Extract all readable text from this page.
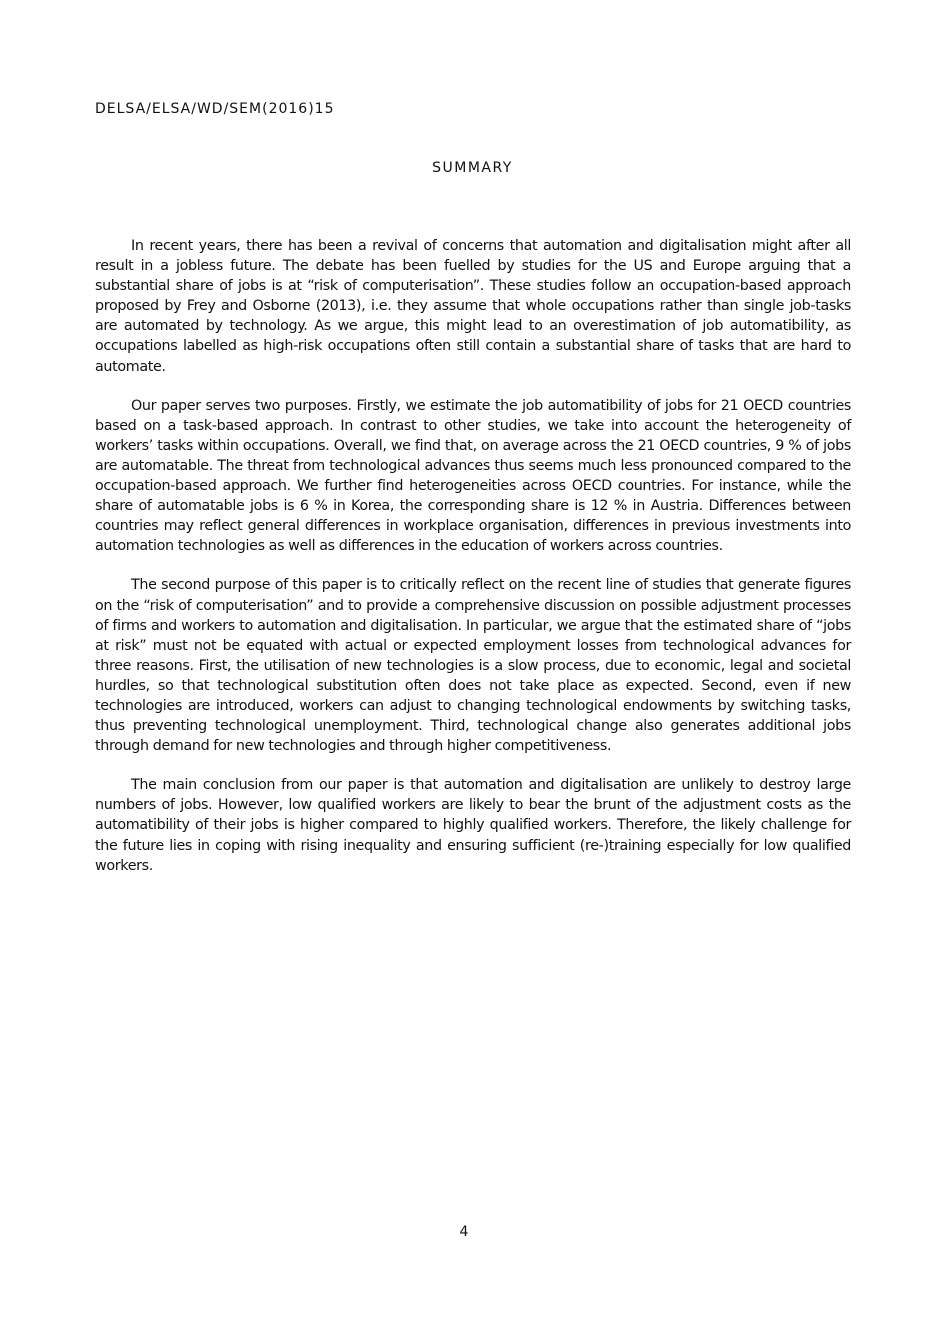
DELSA/ELSA/WD/SEM(2016)15
SUMMARY

In recent years, there has been a revival of concerns that automation and digitalisation might after all result in a jobless future. The debate has been fuelled by studies for the US and Europe arguing that a substantial share of jobs is at “risk of computerisation”. These studies follow an occupation-based approach proposed by Frey and Osborne (2013), i.e. they assume that whole occupations rather than single job-tasks are automated by technology. As we argue, this might lead to an overestimation of job automatibility, as occupations labelled as high-risk occupations often still contain a substantial share of tasks that are hard to automate.

Our paper serves two purposes. Firstly, we estimate the job automatibility of jobs for 21 OECD countries based on a task-based approach. In contrast to other studies, we take into account the heterogeneity of workers’ tasks within occupations. Overall, we find that, on average across the 21 OECD countries, 9 % of jobs are automatable. The threat from technological advances thus seems much less pronounced compared to the occupation-based approach. We further find heterogeneities across OECD countries. For instance, while the share of automatable jobs is 6 % in Korea, the corresponding share is 12 % in Austria. Differences between countries may reflect general differences in workplace organisation, differences in previous investments into automation technologies as well as differences in the education of workers across countries.

The second purpose of this paper is to critically reflect on the recent line of studies that generate figures on the “risk of computerisation” and to provide a comprehensive discussion on possible adjustment processes of firms and workers to automation and digitalisation. In particular, we argue that the estimated share of “jobs at risk” must not be equated with actual or expected employment losses from technological advances for three reasons. First, the utilisation of new technologies is a slow process, due to economic, legal and societal hurdles, so that technological substitution often does not take place as expected. Second, even if new technologies are introduced, workers can adjust to changing technological endowments by switching tasks, thus preventing technological unemployment. Third, technological change also generates additional jobs through demand for new technologies and through higher competitiveness.

The main conclusion from our paper is that automation and digitalisation are unlikely to destroy large numbers of jobs. However, low qualified workers are likely to bear the brunt of the adjustment costs as the automatibility of their jobs is higher compared to highly qualified workers. Therefore, the likely challenge for the future lies in coping with rising inequality and ensuring sufficient (re-)training especially for low qualified workers.

4
